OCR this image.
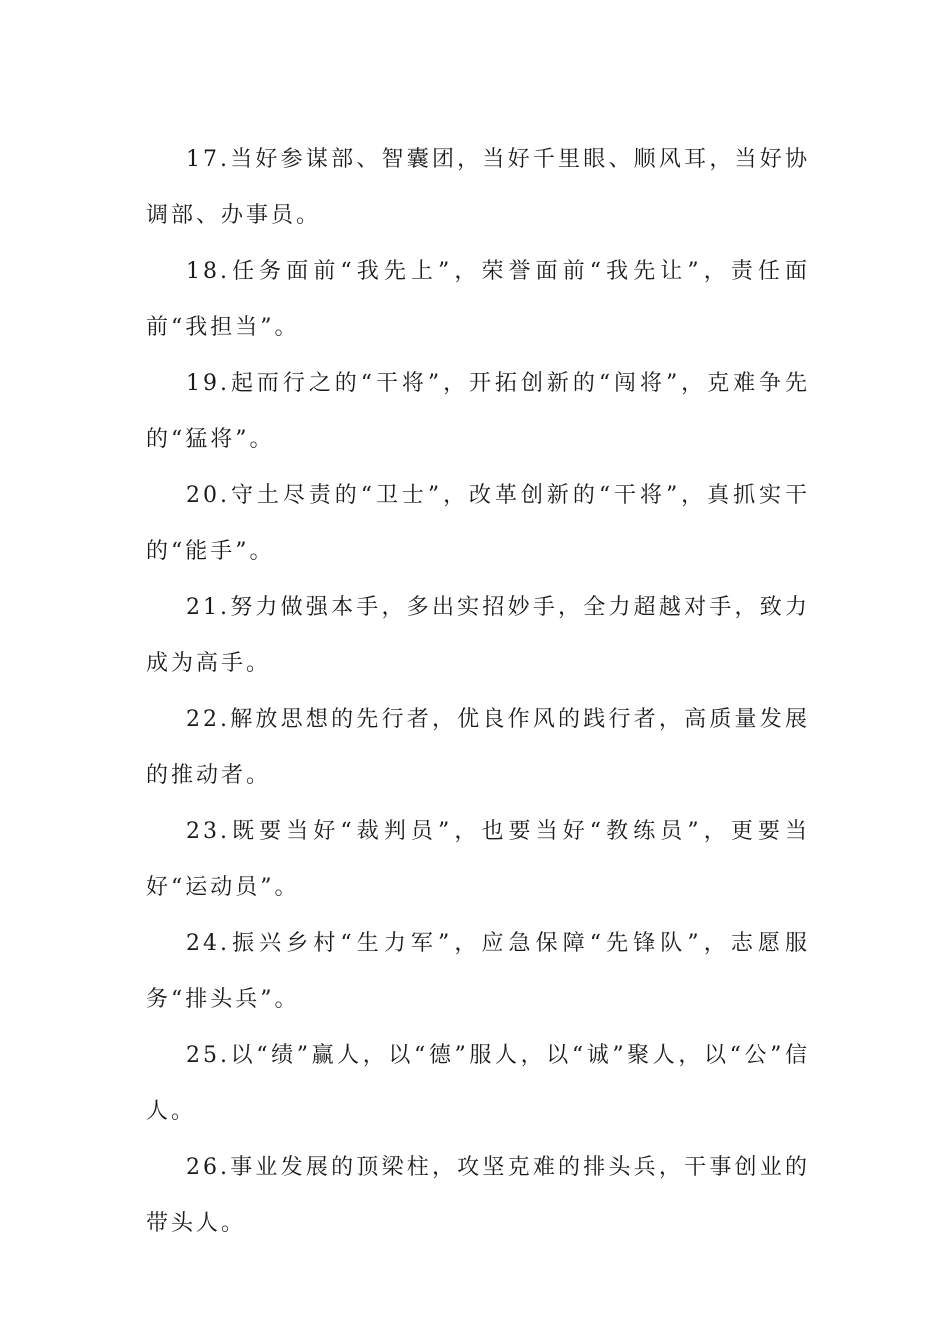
17.当好参谋部、智囊团，当好千里眼、顺风耳，当好协调部、办事员。

18.任务面前“我先上”，荣誉面前“我先让”，责任面前“我担当”。

19.起而行之的“干将”，开拓创新的“闯将”，克难争先的“猛将”。

20.守土尽责的“卫士”，改革创新的“干将”，真抓实干的“能手”。

21.努力做强本手，多出实招妙手，全力超越对手，致力成为高手。

22.解放思想的先行者，优良作风的践行者，高质量发展的推动者。

23.既要当好“裁判员”，也要当好“教练员”，更要当好“运动员”。

24.振兴乡村“生力军”，应急保障“先锋队”，志愿服务“排头兵”。

25.以“绩”赢人，以“德”服人，以“诚”聚人，以“公”信人。

26.事业发展的顶梁柱，攻坚克难的排头兵，干事创业的带头人。
